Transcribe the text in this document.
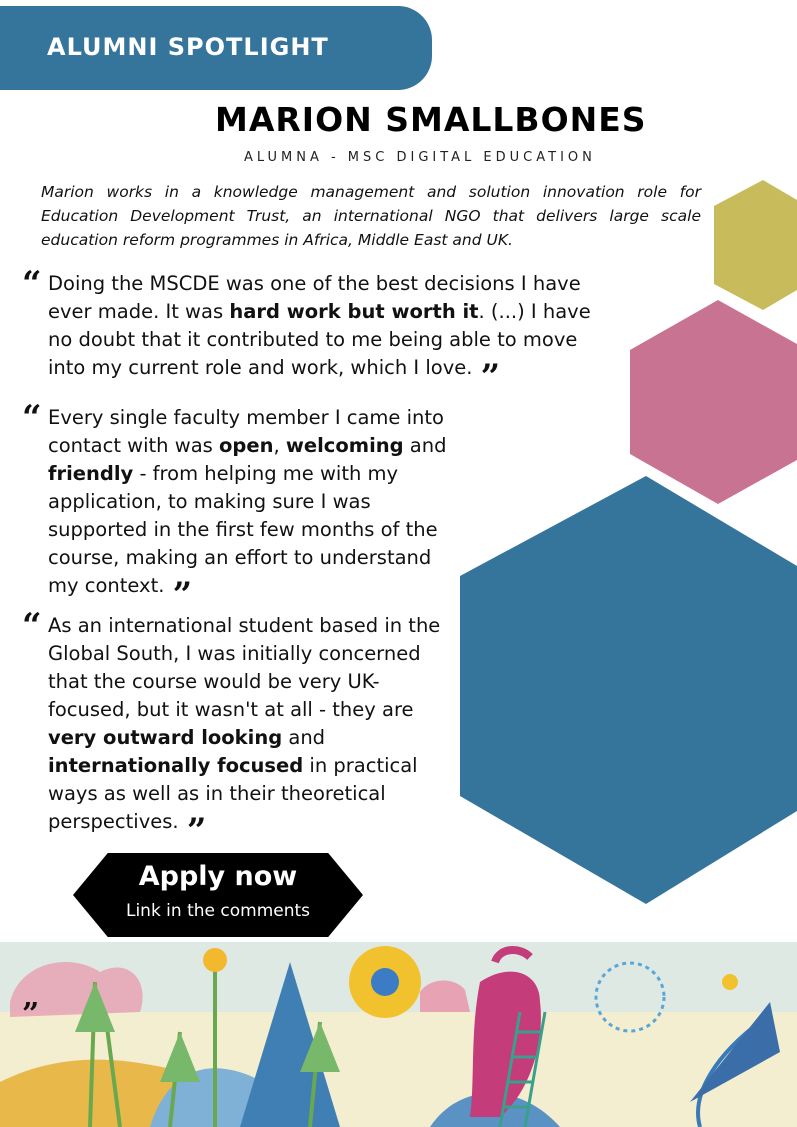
ALUMNI SPOTLIGHT
MARION SMALLBONES
ALUMNA - MSC DIGITAL EDUCATION

Marion works in a knowledge management and solution innovation role for Education Development Trust, an international NGO that delivers large scale education reform programmes in Africa, Middle East and UK.

“ Doing the MSCDE was one of the best decisions I have ever made. It was hard work but worth it. (...) I have no doubt that it contributed to me being able to move into my current role and work, which I love. ”

“ Every single faculty member I came into contact with was open, welcoming and friendly - from helping me with my application, to making sure I was supported in the first few months of the course, making an effort to understand my context. ”

“ As an international student based in the Global South, I was initially concerned that the course would be very UK-focused, but it wasn't at all - they are very outward looking and internationally focused in practical ways as well as in their theoretical perspectives. ”

Apply now
Link in the comments
”
